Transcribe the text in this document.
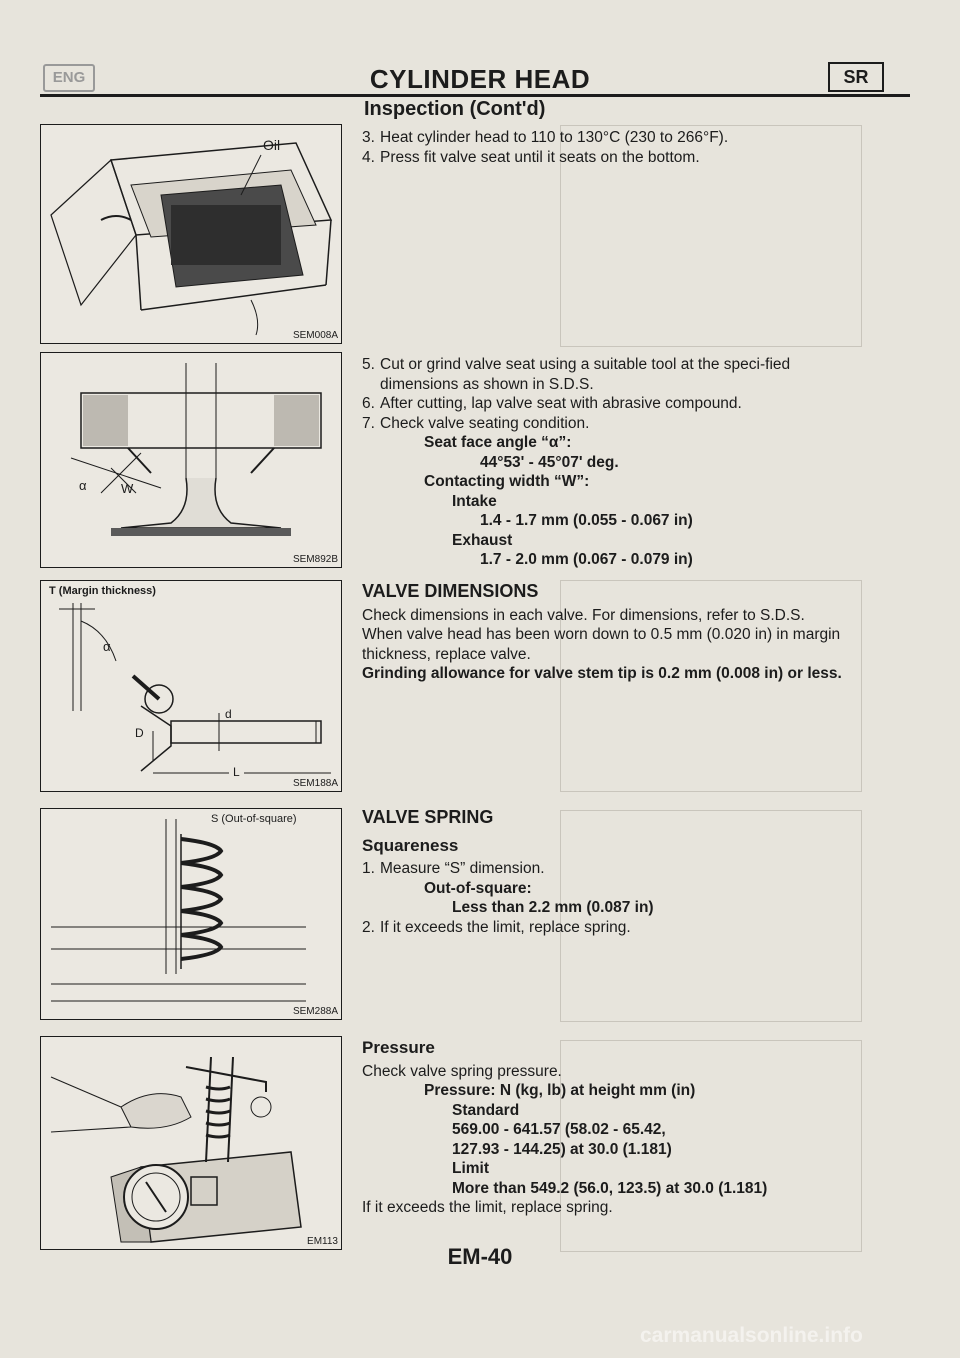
ENG	CYLINDER HEAD	SR
Inspection (Cont'd)
Oil
SEM008A
α	W
SEM892B
T (Margin thickness)
α
D
d
L
SEM188A
S (Out-of-square)
SEM288A
EM113
3. Heat cylinder head to 110 to 130°C (230 to 266°F).
4. Press fit valve seat until it seats on the bottom.
5. Cut or grind valve seat using a suitable tool at the speci-fied dimensions as shown in S.D.S.
6. After cutting, lap valve seat with abrasive compound.
7. Check valve seating condition.
Seat face angle “α”:
44°53' - 45°07' deg.
Contacting width “W”:
Intake
1.4 - 1.7 mm (0.055 - 0.067 in)
Exhaust
1.7 - 2.0 mm (0.067 - 0.079 in)
VALVE DIMENSIONS
Check dimensions in each valve. For dimensions, refer to S.D.S.
When valve head has been worn down to 0.5 mm (0.020 in) in margin thickness, replace valve.
Grinding allowance for valve stem tip is 0.2 mm (0.008 in) or less.
VALVE SPRING
Squareness
1. Measure “S” dimension.
Out-of-square:
Less than 2.2 mm (0.087 in)
2. If it exceeds the limit, replace spring.
Pressure
Check valve spring pressure.
Pressure: N (kg, lb) at height mm (in)
Standard
569.00 - 641.57 (58.02 - 65.42,
127.93 - 144.25) at 30.0 (1.181)
Limit
More than 549.2 (56.0, 123.5) at 30.0 (1.181)
If it exceeds the limit, replace spring.
EM-40
carmanualsonline.info
